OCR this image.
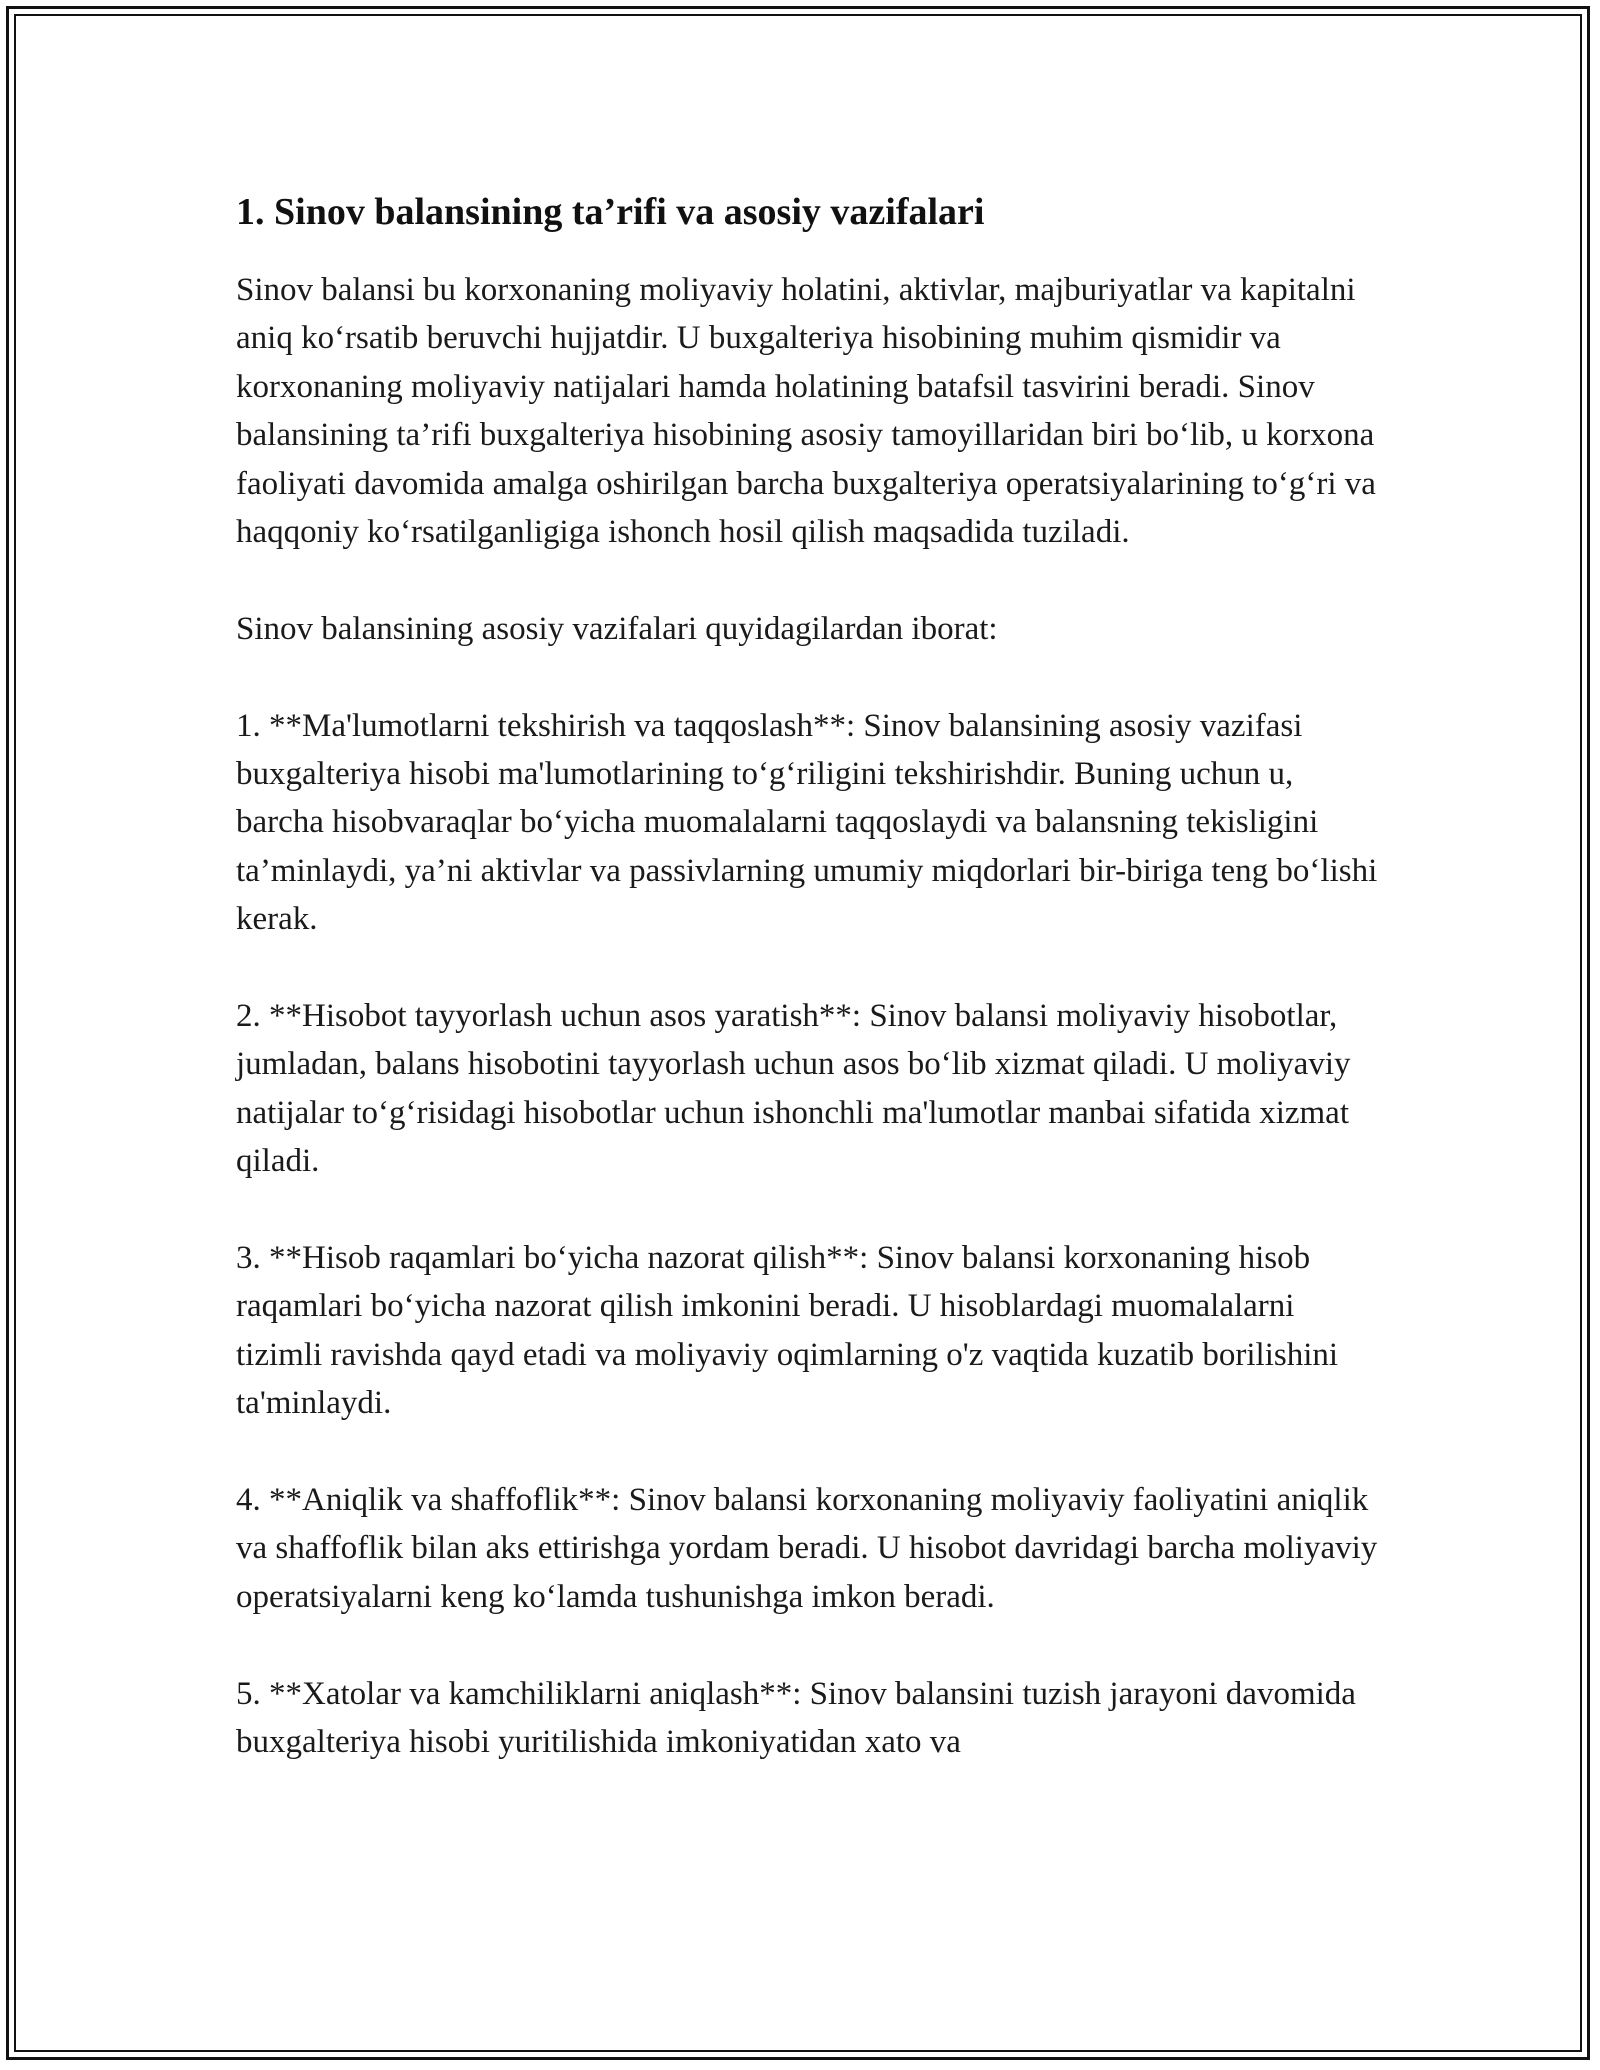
1. Sinov balansining ta’rifi va asosiy vazifalari

Sinov balansi bu korxonaning moliyaviy holatini, aktivlar, majburiyatlar va kapitalni aniq ko‘rsatib beruvchi hujjatdir. U buxgalteriya hisobining muhim qismidir va korxonaning moliyaviy natijalari hamda holatining batafsil tasvirini beradi. Sinov balansining ta’rifi buxgalteriya hisobining asosiy tamoyillaridan biri bo‘lib, u korxona faoliyati davomida amalga oshirilgan barcha buxgalteriya operatsiyalarining to‘g‘ri va haqqoniy ko‘rsatilganligiga ishonch hosil qilish maqsadida tuziladi.

Sinov balansining asosiy vazifalari quyidagilardan iborat:

1. **Ma'lumotlarni tekshirish va taqqoslash**: Sinov balansining asosiy vazifasi buxgalteriya hisobi ma'lumotlarining to‘g‘riligini tekshirishdir. Buning uchun u, barcha hisobvaraqlar bo‘yicha muomalalarni taqqoslaydi va balansning tekisligini ta’minlaydi, ya’ni aktivlar va passivlarning umumiy miqdorlari bir-biriga teng bo‘lishi kerak.

2. **Hisobot tayyorlash uchun asos yaratish**: Sinov balansi moliyaviy hisobotlar, jumladan, balans hisobotini tayyorlash uchun asos bo‘lib xizmat qiladi. U moliyaviy natijalar to‘g‘risidagi hisobotlar uchun ishonchli ma'lumotlar manbai sifatida xizmat qiladi.

3. **Hisob raqamlari bo‘yicha nazorat qilish**: Sinov balansi korxonaning hisob raqamlari bo‘yicha nazorat qilish imkonini beradi. U hisoblardagi muomalalarni tizimli ravishda qayd etadi va moliyaviy oqimlarning o'z vaqtida kuzatib borilishini ta'minlaydi.

4. **Aniqlik va shaffoflik**: Sinov balansi korxonaning moliyaviy faoliyatini aniqlik va shaffoflik bilan aks ettirishga yordam beradi. U hisobot davridagi barcha moliyaviy operatsiyalarni keng ko‘lamda tushunishga imkon beradi.

5. **Xatolar va kamchiliklarni aniqlash**: Sinov balansini tuzish jarayoni davomida buxgalteriya hisobi yuritilishida imkoniyatidan xato va
